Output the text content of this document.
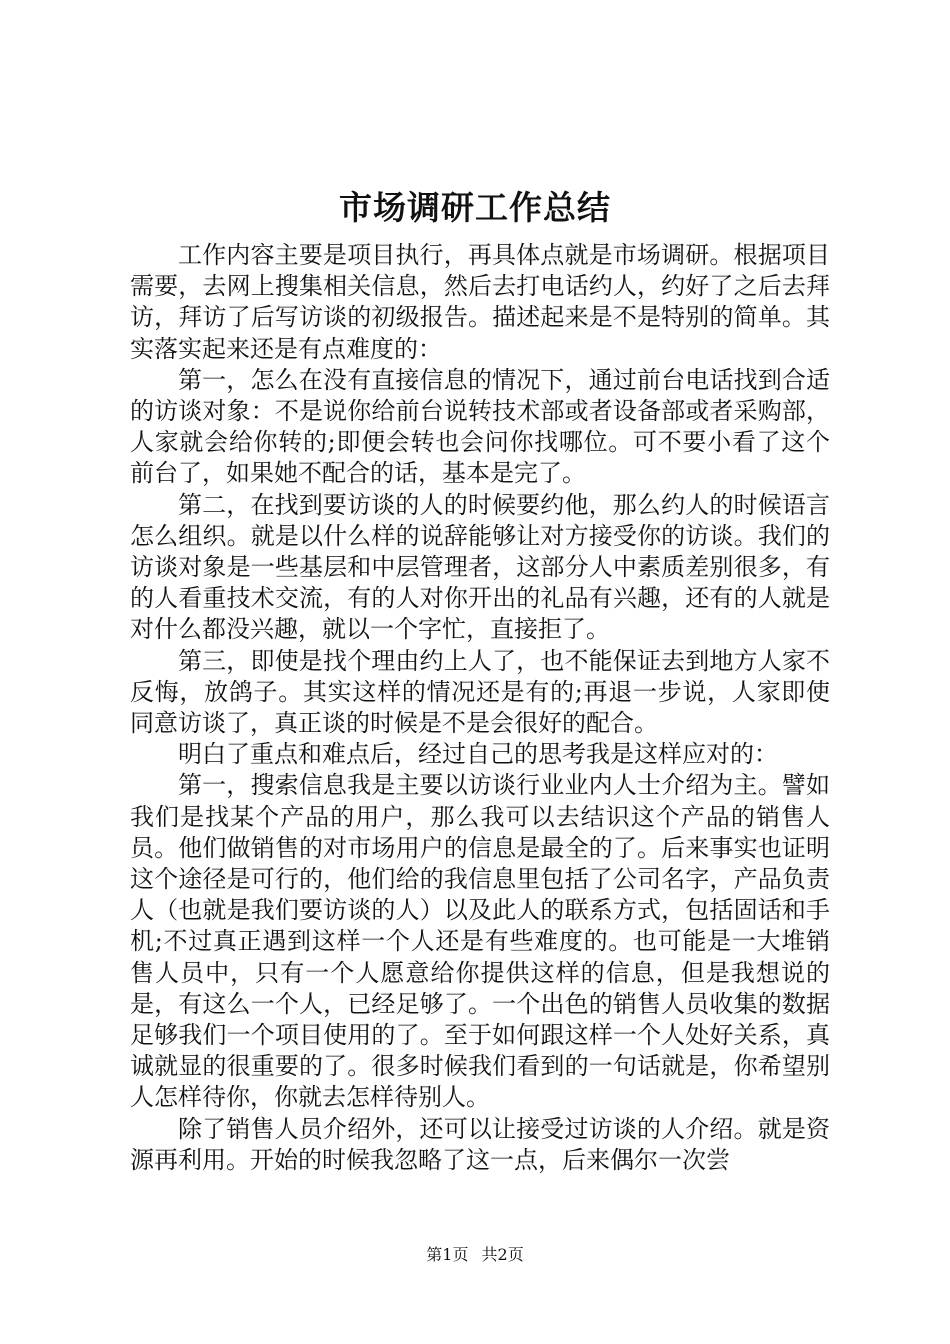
市场调研工作总结

工作内容主要是项目执行，再具体点就是市场调研。根据项目需要，去网上搜集相关信息，然后去打电话约人，约好了之后去拜访，拜访了后写访谈的初级报告。描述起来是不是特别的简单。其实落实起来还是有点难度的：

第一，怎么在没有直接信息的情况下，通过前台电话找到合适的访谈对象：不是说你给前台说转技术部或者设备部或者采购部，人家就会给你转的;即便会转也会问你找哪位。可不要小看了这个前台了，如果她不配合的话，基本是完了。

第二，在找到要访谈的人的时候要约他，那么约人的时候语言怎么组织。就是以什么样的说辞能够让对方接受你的访谈。我们的访谈对象是一些基层和中层管理者，这部分人中素质差别很多，有的人看重技术交流，有的人对你开出的礼品有兴趣，还有的人就是对什么都没兴趣，就以一个字忙，直接拒了。

第三，即使是找个理由约上人了，也不能保证去到地方人家不反悔，放鸽子。其实这样的情况还是有的;再退一步说，人家即使同意访谈了，真正谈的时候是不是会很好的配合。

明白了重点和难点后，经过自己的思考我是这样应对的：

第一，搜索信息我是主要以访谈行业业内人士介绍为主。譬如我们是找某个产品的用户，那么我可以去结识这个产品的销售人员。他们做销售的对市场用户的信息是最全的了。后来事实也证明这个途径是可行的，他们给的我信息里包括了公司名字，产品负责人（也就是我们要访谈的人）以及此人的联系方式，包括固话和手机;不过真正遇到这样一个人还是有些难度的。也可能是一大堆销售人员中，只有一个人愿意给你提供这样的信息，但是我想说的是，有这么一个人，已经足够了。一个出色的销售人员收集的数据足够我们一个项目使用的了。至于如何跟这样一个人处好关系，真诚就显的很重要的了。很多时候我们看到的一句话就是，你希望别人怎样待你，你就去怎样待别人。

除了销售人员介绍外，还可以让接受过访谈的人介绍。就是资源再利用。开始的时候我忽略了这一点，后来偶尔一次尝

第1页 共2页
